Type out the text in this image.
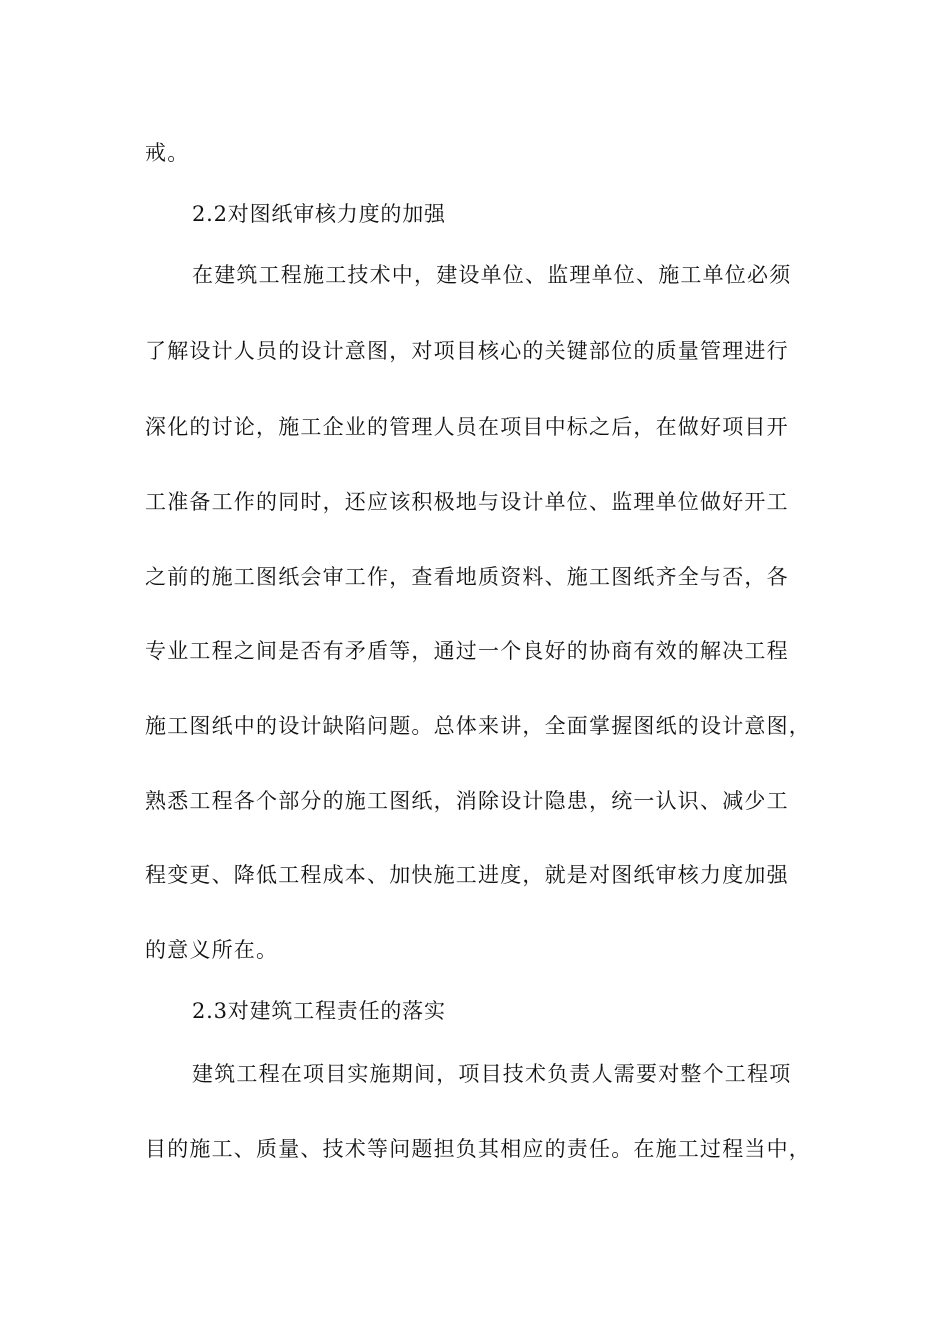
戒。
2.2对图纸审核力度的加强
在建筑工程施工技术中，建设单位、监理单位、施工单位必须
了解设计人员的设计意图，对项目核心的关键部位的质量管理进行
深化的讨论，施工企业的管理人员在项目中标之后，在做好项目开
工准备工作的同时，还应该积极地与设计单位、监理单位做好开工
之前的施工图纸会审工作，查看地质资料、施工图纸齐全与否，各
专业工程之间是否有矛盾等，通过一个良好的协商有效的解决工程
施工图纸中的设计缺陷问题。总体来讲，全面掌握图纸的设计意图，
熟悉工程各个部分的施工图纸，消除设计隐患，统一认识、减少工
程变更、降低工程成本、加快施工进度，就是对图纸审核力度加强
的意义所在。
2.3对建筑工程责任的落实
建筑工程在项目实施期间，项目技术负责人需要对整个工程项
目的施工、质量、技术等问题担负其相应的责任。在施工过程当中，
